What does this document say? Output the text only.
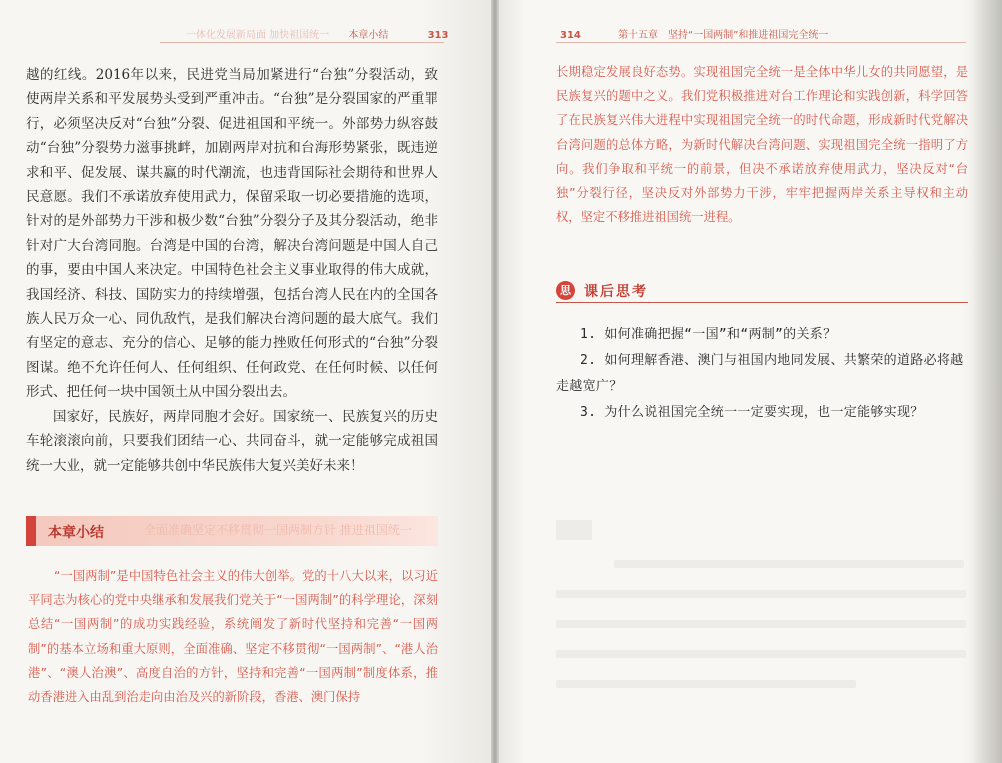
一体化发展新局面 加快祖国统一 本章小结	313

越的红线。2016年以来，民进党当局加紧进行“台独”分裂活动，致使两岸关系和平发展势头受到严重冲击。“台独”是分裂国家的严重罪行，必须坚决反对“台独”分裂、促进祖国和平统一。外部势力纵容鼓动“台独”分裂势力滋事挑衅，加剧两岸对抗和台海形势紧张，既违逆求和平、促发展、谋共赢的时代潮流，也违背国际社会期待和世界人民意愿。我们不承诺放弃使用武力，保留采取一切必要措施的选项，针对的是外部势力干涉和极少数“台独”分裂分子及其分裂活动，绝非针对广大台湾同胞。台湾是中国的台湾，解决台湾问题是中国人自己的事，要由中国人来决定。中国特色社会主义事业取得的伟大成就，我国经济、科技、国防实力的持续增强，包括台湾人民在内的全国各族人民万众一心、同仇敌忾，是我们解决台湾问题的最大底气。我们有坚定的意志、充分的信心、足够的能力挫败任何形式的“台独”分裂图谋。绝不允许任何人、任何组织、任何政党、在任何时候、以任何形式、把任何一块中国领土从中国分裂出去。

国家好，民族好，两岸同胞才会好。国家统一、民族复兴的历史车轮滚滚向前，只要我们团结一心、共同奋斗，就一定能够完成祖国统一大业，就一定能够共创中华民族伟大复兴美好未来！

全面准确坚定不移贯彻一国两制方针 推进祖国统一
本章小结

“一国两制”是中国特色社会主义的伟大创举。党的十八大以来，以习近平同志为核心的党中央继承和发展我们党关于“一国两制”的科学理论，深刻总结“一国两制”的成功实践经验，系统阐发了新时代坚持和完善“一国两制”的基本立场和重大原则，全面准确、坚定不移贯彻“一国两制”、“港人治港”、“澳人治澳”、高度自治的方针，坚持和完善“一国两制”制度体系，推动香港进入由乱到治走向由治及兴的新阶段，香港、澳门保持

314	第十五章　坚持“一国两制”和推进祖国完全统一

长期稳定发展良好态势。实现祖国完全统一是全体中华儿女的共同愿望，是民族复兴的题中之义。我们党积极推进对台工作理论和实践创新，科学回答了在民族复兴伟大进程中实现祖国完全统一的时代命题，形成新时代党解决台湾问题的总体方略，为新时代解决台湾问题、实现祖国完全统一指明了方向。我们争取和平统一的前景，但决不承诺放弃使用武力，坚决反对“台独”分裂行径，坚决反对外部势力干涉，牢牢把握两岸关系主导权和主动权，坚定不移推进祖国统一进程。

思 课后思考

1. 如何准确把握“一国”和“两制”的关系？

2. 如何理解香港、澳门与祖国内地同发展、共繁荣的道路必将越走越宽广？

3. 为什么说祖国完全统一一定要实现，也一定能够实现？
